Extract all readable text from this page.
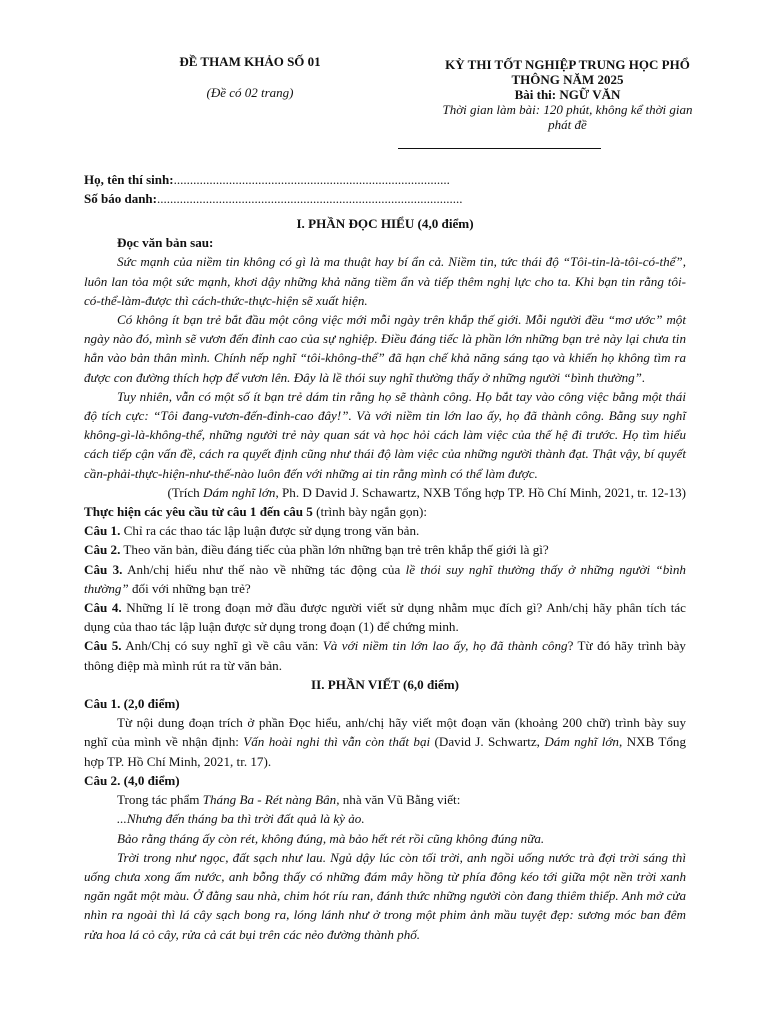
ĐỀ THAM KHẢO SỐ 01
(Đề có 02 trang)
KỲ THI TỐT NGHIỆP TRUNG HỌC PHỔ
THÔNG NĂM 2025
Bài thi: NGỮ VĂN
Thời gian làm bài: 120 phút, không kể thời gian
phát đề
Họ, tên thí sinh:.....................................................................................
Số báo danh:..............................................................................................

I. PHẦN ĐỌC HIỂU (4,0 điểm)

Đọc văn bản sau:

Sức mạnh của niềm tin không có gì là ma thuật hay bí ẩn cả. Niềm tin, tức thái độ “Tôi-tin-là-tôi-có-thể”, luôn lan tỏa một sức mạnh, khơi dậy những khả năng tiềm ẩn và tiếp thêm nghị lực cho ta. Khi bạn tin rằng tôi-có-thể-làm-được thì cách-thức-thực-hiện sẽ xuất hiện.

Có không ít bạn trẻ bắt đầu một công việc mới mỗi ngày trên khắp thế giới. Mỗi người đều “mơ ước” một ngày nào đó, mình sẽ vươn đến đỉnh cao của sự nghiệp. Điều đáng tiếc là phần lớn những bạn trẻ này lại chưa tin hẳn vào bản thân mình. Chính nếp nghĩ “tôi-không-thể” đã hạn chế khả năng sáng tạo và khiến họ không tìm ra được con đường thích hợp để vươn lên. Đây là lề thói suy nghĩ thường thấy ở những người “bình thường”.

Tuy nhiên, vẫn có một số ít bạn trẻ dám tin rằng họ sẽ thành công. Họ bắt tay vào công việc bằng một thái độ tích cực: “Tôi đang-vươn-đến-đỉnh-cao đây!”. Và với niềm tin lớn lao ấy, họ đã thành công. Bằng suy nghĩ không-gì-là-không-thể, những người trẻ này quan sát và học hỏi cách làm việc của thế hệ đi trước. Họ tìm hiểu cách tiếp cận vấn đề, cách ra quyết định cũng như thái độ làm việc của những người thành đạt. Thật vậy, bí quyết cần-phải-thực-hiện-như-thế-nào luôn đến với những ai tin rằng mình có thể làm được.

(Trích Dám nghĩ lớn, Ph. D David J. Schawartz, NXB Tổng hợp TP. Hồ Chí Minh, 2021, tr. 12-13)

Thực hiện các yêu cầu từ câu 1 đến câu 5 (trình bày ngắn gọn):

Câu 1. Chỉ ra các thao tác lập luận được sử dụng trong văn bản.

Câu 2. Theo văn bản, điều đáng tiếc của phần lớn những bạn trẻ trên khắp thế giới là gì?

Câu 3. Anh/chị hiểu như thế nào về những tác động của lề thói suy nghĩ thường thấy ở những người “bình thường” đối với những bạn trẻ?

Câu 4. Những lí lẽ trong đoạn mở đầu được người viết sử dụng nhằm mục đích gì? Anh/chị hãy phân tích tác dụng của thao tác lập luận được sử dụng trong đoạn (1) để chứng minh.

Câu 5. Anh/Chị có suy nghĩ gì về câu văn: Và với niềm tin lớn lao ấy, họ đã thành công? Từ đó hãy trình bày thông điệp mà mình rút ra từ văn bản.

II. PHẦN VIẾT (6,0 điểm)

Câu 1. (2,0 điểm)

Từ nội dung đoạn trích ở phần Đọc hiểu, anh/chị hãy viết một đoạn văn (khoảng 200 chữ) trình bày suy nghĩ của mình về nhận định: Vấn hoài nghi thì vẫn còn thất bại (David J. Schwartz, Dám nghĩ lớn, NXB Tổng hợp TP. Hồ Chí Minh, 2021, tr. 17).

Câu 2. (4,0 điểm)

Trong tác phẩm Tháng Ba - Rét nàng Bân, nhà văn Vũ Bằng viết:

...Nhưng đến tháng ba thì trời đất quả là kỳ ảo.

Bảo rằng tháng ấy còn rét, không đúng, mà bảo hết rét rồi cũng không đúng nữa.

Trời trong như ngọc, đất sạch như lau. Ngủ dậy lúc còn tối trời, anh ngồi uống nước trà đợi trời sáng thì uống chưa xong ấm nước, anh bỗng thấy có những đám mây hồng từ phía đông kéo tới giữa một nền trời xanh ngăn ngắt một màu. Ở đằng sau nhà, chim hót ríu ran, đánh thức những người còn đang thiêm thiếp. Anh mở cửa nhìn ra ngoài thì lá cây sạch bong ra, lóng lánh như ở trong một phim ảnh mầu tuyệt đẹp: sương móc ban đêm rửa hoa lá cỏ cây, rửa cả cát bụi trên các nẻo đường thành phố.
